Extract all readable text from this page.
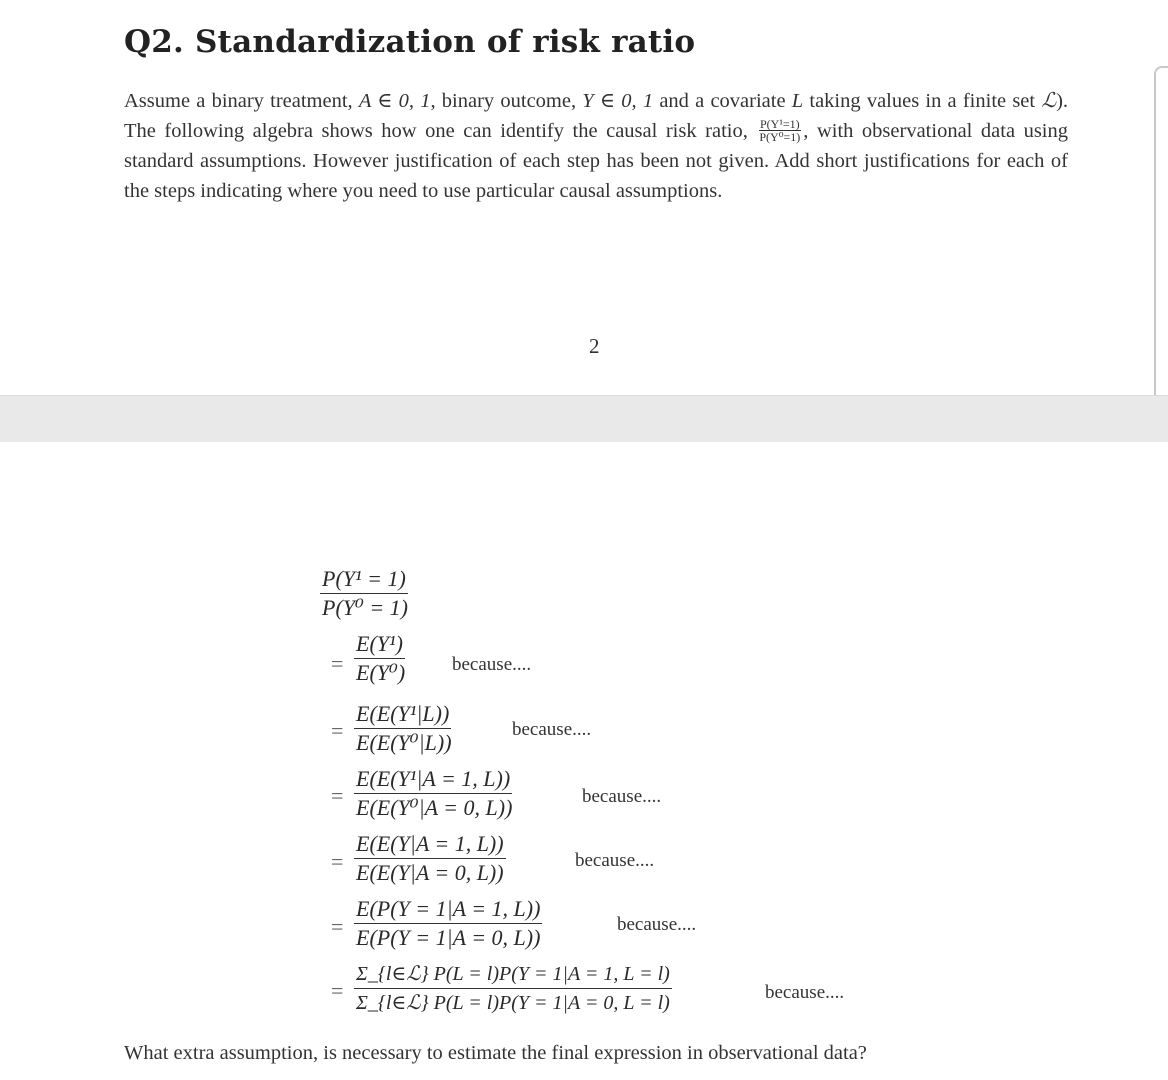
Q2. Standardization of risk ratio
Assume a binary treatment, A ∈ 0, 1, binary outcome, Y ∈ 0, 1 and a covariate L taking values in a finite set ℒ). The following algebra shows how one can identify the causal risk ratio, $\frac{\text{P(Y¹=1)}}{\text{P(Y⁰=1)}}$ , with observational data using standard assumptions. However justification of each step has been not given. Add short justifications for each of the steps indicating where you need to use particular causal assumptions.
2
$\frac{\text{P(Y¹ = 1)}}{\text{P(Y⁰ = 1)}}$
= $\frac{\text{E(Y¹)}}{\text{E(Y⁰)}}$ because....
= $\frac{\text{E(E(Y¹|L))}}{\text{E(E(Y⁰|L))}}$	because....
= $\frac{\text{E(E(Y¹|A = 1, L))}}{\text{E(E(Y⁰|A = 0, L))}}$	because....
= $\frac{E(E(Y|A = 1, L))}{E(E(Y|A = 0, L))}$	because....
= $\frac{E(P(Y = 1|A = 1, L))}{E(P(Y = 1|A = 0, L))}$	because....
=
Σ_{l∈ℒ} P(L = l)P(Y = 1|A = 1, L = l)
Σ_{l∈ℒ} P(L = l)P(Y = 1|A = 0, L = l)	because....
What extra assumption, is necessary to estimate the final expression in observational data?
